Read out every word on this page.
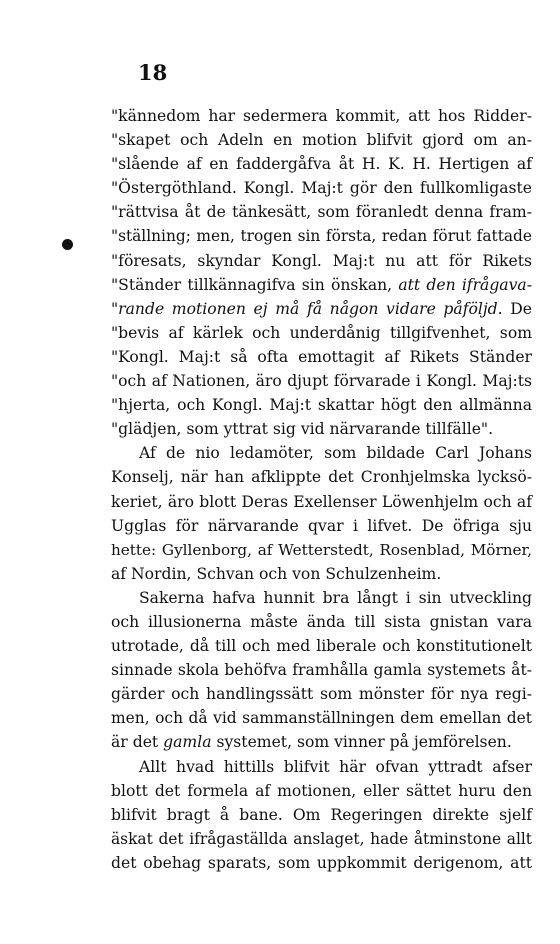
18
"kännedom har sedermera kommit, att hos Ridder-
"skapet och Adeln en motion blifvit gjord om an-
"slående af en faddergåfva åt H. K. H. Hertigen af
"Östergöthland. Kongl. Maj:t gör den fullkomligaste
"rättvisa åt de tänkesätt, som föranledt denna fram-
"ställning; men, trogen sin första, redan förut fattade
"föresats, skyndar Kongl. Maj:t nu att för Rikets
"Ständer tillkännagifva sin önskan, att den ifrågava-
"rande motionen ej må få någon vidare påföljd. De
"bevis af kärlek och underdånig tillgifvenhet, som
"Kongl. Maj:t så ofta emottagit af Rikets Ständer
"och af Nationen, äro djupt förvarade i Kongl. Maj:ts
"hjerta, och Kongl. Maj:t skattar högt den allmänna
"glädjen, som yttrat sig vid närvarande tillfälle".
Af de nio ledamöter, som bildade Carl Johans
Konselj, när han afklippte det Cronhjelmska lycksö-
keriet, äro blott Deras Exellenser Löwenhjelm och af
Ugglas för närvarande qvar i lifvet. De öfriga sju
hette: Gyllenborg, af Wetterstedt, Rosenblad, Mörner,
af Nordin, Schvan och von Schulzenheim.
Sakerna hafva hunnit bra långt i sin utveckling
och illusionerna måste ända till sista gnistan vara
utrotade, då till och med liberale och konstitutionelt
sinnade skola behöfva framhålla gamla systemets åt-
gärder och handlingssätt som mönster för nya regi-
men, och då vid sammanställningen dem emellan det
är det gamla systemet, som vinner på jemförelsen.
Allt hvad hittills blifvit här ofvan yttradt afser
blott det formela af motionen, eller sättet huru den
blifvit bragt å bane. Om Regeringen direkte sjelf
äskat det ifrågaställda anslaget, hade åtminstone allt
det obehag sparats, som uppkommit derigenom, att
